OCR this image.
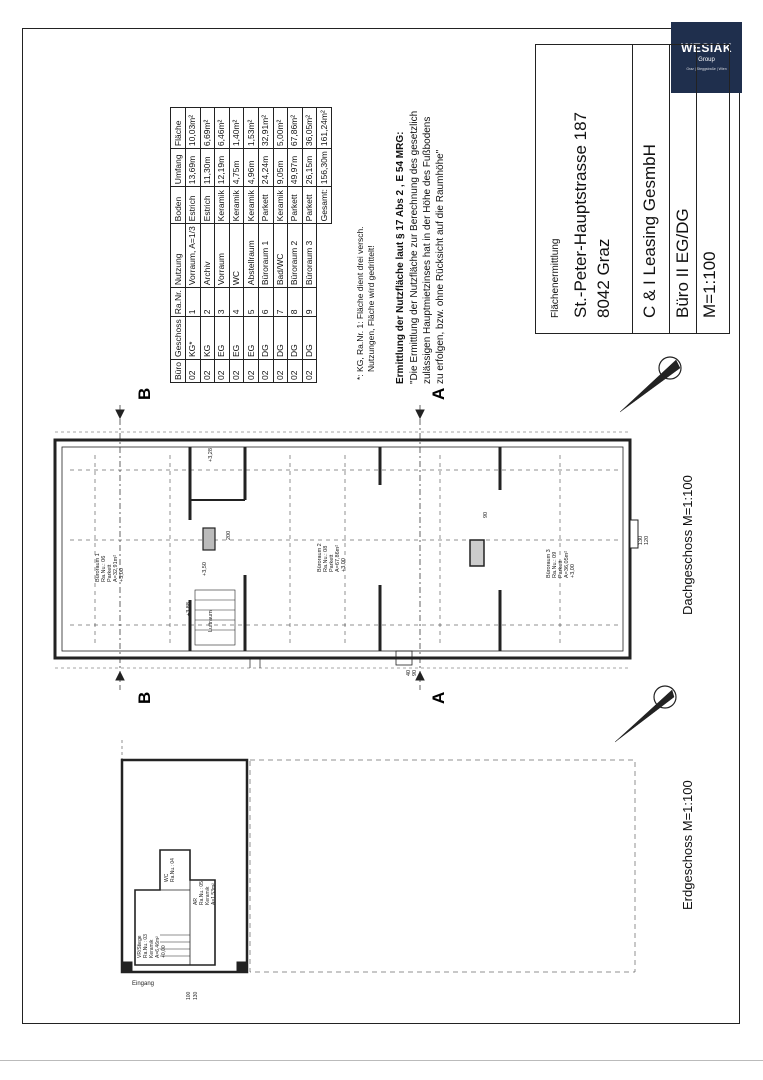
WESIAK
Group
Graz | Steggstraße | Wien
Flächenermittlung St.-Peter-Hauptstrasse 187 8042 Graz C & I Leasing GesmbH Büro II EG/DG M=1:100
Büro	Geschoss	Ra.Nr.	Nutzung	Boden	Umfang	Fläche
02	KG*	1	Vorraum, A=1/3	Estrich	13,69m	10,03m²
02	KG	2	Archiv	Estrich	11,30m	6,69m²
02	EG	3	Vorraum	Keramik	12,19m	6,46m²
02	EG	4	WC	Keramik	4,75m	1,40m²
02	EG	5	Abstellraum	Keramik	4,96m	1,53m²
02	DG	6	Büroraum 1	Parkett	24,24m	32,91m²
02	DG	7	Bad/WC	Keramik	9,05m	5,00m²
02	DG	8	Büroraum 2	Parkett	49,97m	67,86m²
02	DG	9	Büroraum 3	Parkett	26,15m	36,05m²
				Gesamt:	156,30m	161,24m²
*: KG, Ra.Nr. 1: Fläche dient drei versch. Nutzungen, Fläche wird gedrittelt! Ermittlung der Nutzfläche laut § 17 Abs 2 , E 54 MRG: "Die Ermittlung der Nutzfläche zur Berechnung des gesetzlich zulässigen Hauptmietzinses hat in der Höhe des Fußbodens zu erfolgen, bzw. ohne Rücksicht auf die Raumhöhe"
Dachgeschoss M=1:100
Erdgeschoss M=1:100
B
B
A
A
Büroraum 1 Ra.Nu.: 06 Parkett A=32,91m² +3,00
Büroraum 2 Ra.Nu.: 08 Parkett A=67,86m² +3,00	Büroraum 3 Ra.Nu.: 09 Parkett A=36,05m² +3,00
Luftraum
+3,50
+3,28
+3,88
200
90
130 120
40 90
Eingang
VR/Stiege Ra.Nu.: 03 Keramik A=6,46m² +0,00
WC Ra.Nu.: 04
AR Ra.Nu.: 05 Keramik A=1,53m²
100 130
